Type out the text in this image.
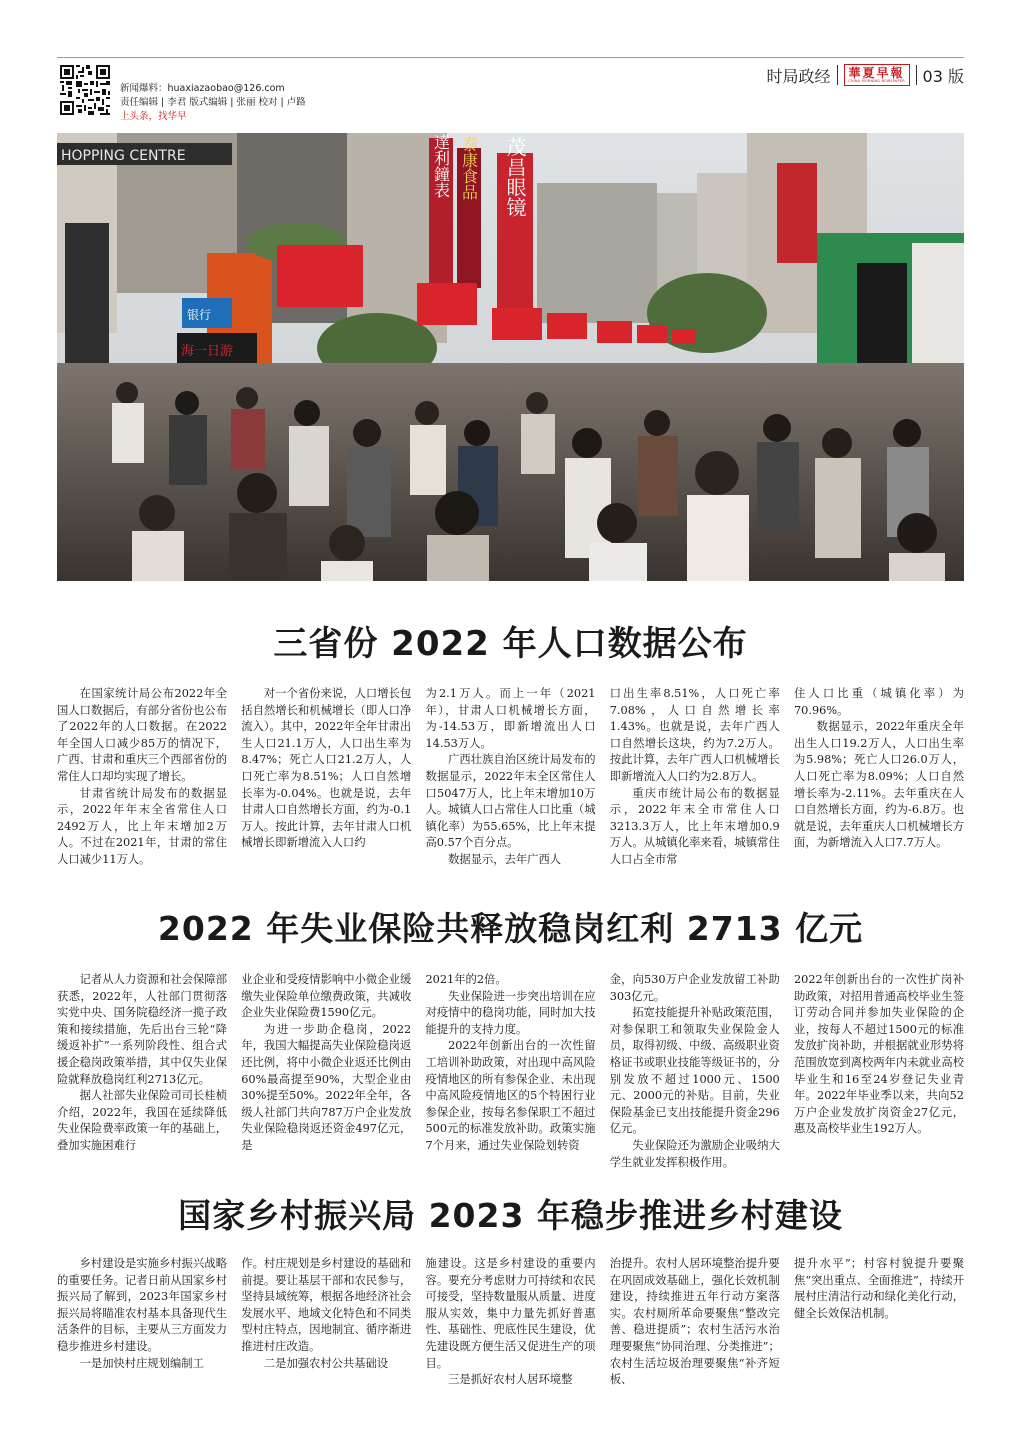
新闻爆料：huaxiazaobao@126.com
责任编辑 | 李君 版式编辑 | 张丽 校对 | 卢路
上头条，找华早
时局政经 華夏早報
CHINA MORNING NEWSPAPER 03 版
HOPPING CENTRE
银行
海一日游
亨達利鐘表 泰康食品 茂昌眼镜
三省份 2022 年人口数据公布

在国家统计局公布2022年全国人口数据后，有部分省份也公布了2022年的人口数据。在2022年全国人口减少85万的情况下，广西、甘肃和重庆三个西部省份的常住人口却均实现了增长。

甘肃省统计局发布的数据显示，2022年年末全省常住人口2492万人，比上年末增加2万人。不过在2021年，甘肃的常住人口减少11万人。

对一个省份来说，人口增长包括自然增长和机械增长（即人口净流入）。其中，2022年全年甘肃出生人口21.1万人，人口出生率为8.47%；死亡人口21.2万人，人口死亡率为8.51%；人口自然增长率为-0.04%。也就是说，去年甘肃人口自然增长方面，约为-0.1万人。按此计算，去年甘肃人口机械增长即新增流入人口约

为2.1万人。而上一年（2021年），甘肃人口机械增长方面，为-14.53万，即新增流出人口14.53万人。

广西壮族自治区统计局发布的数据显示，2022年末全区常住人口5047万人，比上年末增加10万人。城镇人口占常住人口比重（城镇化率）为55.65%，比上年末提高0.57个百分点。

数据显示，去年广西人

口出生率8.51%，人口死亡率7.08%，人口自然增长率1.43%。也就是说，去年广西人口自然增长这块，约为7.2万人。按此计算，去年广西人口机械增长即新增流入人口约为2.8万人。

重庆市统计局公布的数据显示，2022年末全市常住人口3213.3万人，比上年末增加0.9万人。从城镇化率来看，城镇常住人口占全市常

住人口比重（城镇化率）为70.96%。

数据显示，2022年重庆全年出生人口19.2万人，人口出生率为5.98%；死亡人口26.0万人，人口死亡率为8.09%；人口自然增长率为-2.11%。去年重庆在人口自然增长方面，约为-6.8万。也就是说，去年重庆人口机械增长方面，为新增流入人口7.7万人。

2022 年失业保险共释放稳岗红利 2713 亿元

记者从人力资源和社会保障部获悉，2022年，人社部门贯彻落实党中央、国务院稳经济一揽子政策和接续措施，先后出台三轮“降缓返补扩”一系列阶段性、组合式援企稳岗政策举措，其中仅失业保险就释放稳岗红利2713亿元。

据人社部失业保险司司长桂桢介绍，2022年，我国在延续降低失业保险费率政策一年的基础上，叠加实施困难行

业企业和受疫情影响中小微企业缓缴失业保险单位缴费政策，共减收企业失业保险费1590亿元。

为进一步助企稳岗，2022年，我国大幅提高失业保险稳岗返还比例，将中小微企业返还比例由60%最高提至90%，大型企业由30%提至50%。2022年全年，各级人社部门共向787万户企业发放失业保险稳岗返还资金497亿元，是

2021年的2倍。

失业保险进一步突出培训在应对疫情中的稳岗功能，同时加大技能提升的支持力度。

2022年创新出台的一次性留工培训补助政策，对出现中高风险疫情地区的所有参保企业、未出现中高风险疫情地区的5个特困行业参保企业，按每名参保职工不超过500元的标准发放补助。政策实施7个月来，通过失业保险划转资

金，向530万户企业发放留工补助303亿元。

拓宽技能提升补贴政策范围，对参保职工和领取失业保险金人员，取得初级、中级、高级职业资格证书或职业技能等级证书的，分别发放不超过1000元、1500元、2000元的补贴。目前，失业保险基金已支出技能提升资金296亿元。

失业保险还为激励企业吸纳大学生就业发挥积极作用。

2022年创新出台的一次性扩岗补助政策，对招用普通高校毕业生签订劳动合同并参加失业保险的企业，按每人不超过1500元的标准发放扩岗补助，并根据就业形势将范围放宽到离校两年内未就业高校毕业生和16至24岁登记失业青年。2022年毕业季以来，共向52万户企业发放扩岗资金27亿元，惠及高校毕业生192万人。

国家乡村振兴局 2023 年稳步推进乡村建设

乡村建设是实施乡村振兴战略的重要任务。记者日前从国家乡村振兴局了解到，2023年国家乡村振兴局将瞄准农村基本具备现代生活条件的目标，主要从三方面发力稳步推进乡村建设。

一是加快村庄规划编制工

作。村庄规划是乡村建设的基础和前提。要让基层干部和农民参与，坚持县域统筹，根据各地经济社会发展水平、地域文化特色和不同类型村庄特点，因地制宜、循序渐进推进村庄改造。

二是加强农村公共基础设

施建设。这是乡村建设的重要内容。要充分考虑财力可持续和农民可接受，坚持数量服从质量、进度服从实效，集中力量先抓好普惠性、基础性、兜底性民生建设，优先建设既方便生活又促进生产的项目。

三是抓好农村人居环境整

治提升。农村人居环境整治提升要在巩固成效基础上，强化长效机制建设，持续推进五年行动方案落实。农村厕所革命要聚焦“整改完善、稳进提质”；农村生活污水治理要聚焦“协同治理、分类推进”；农村生活垃圾治理要聚焦“补齐短板、

提升水平”；村容村貌提升要聚焦“突出重点、全面推进”，持续开展村庄清洁行动和绿化美化行动，健全长效保洁机制。
